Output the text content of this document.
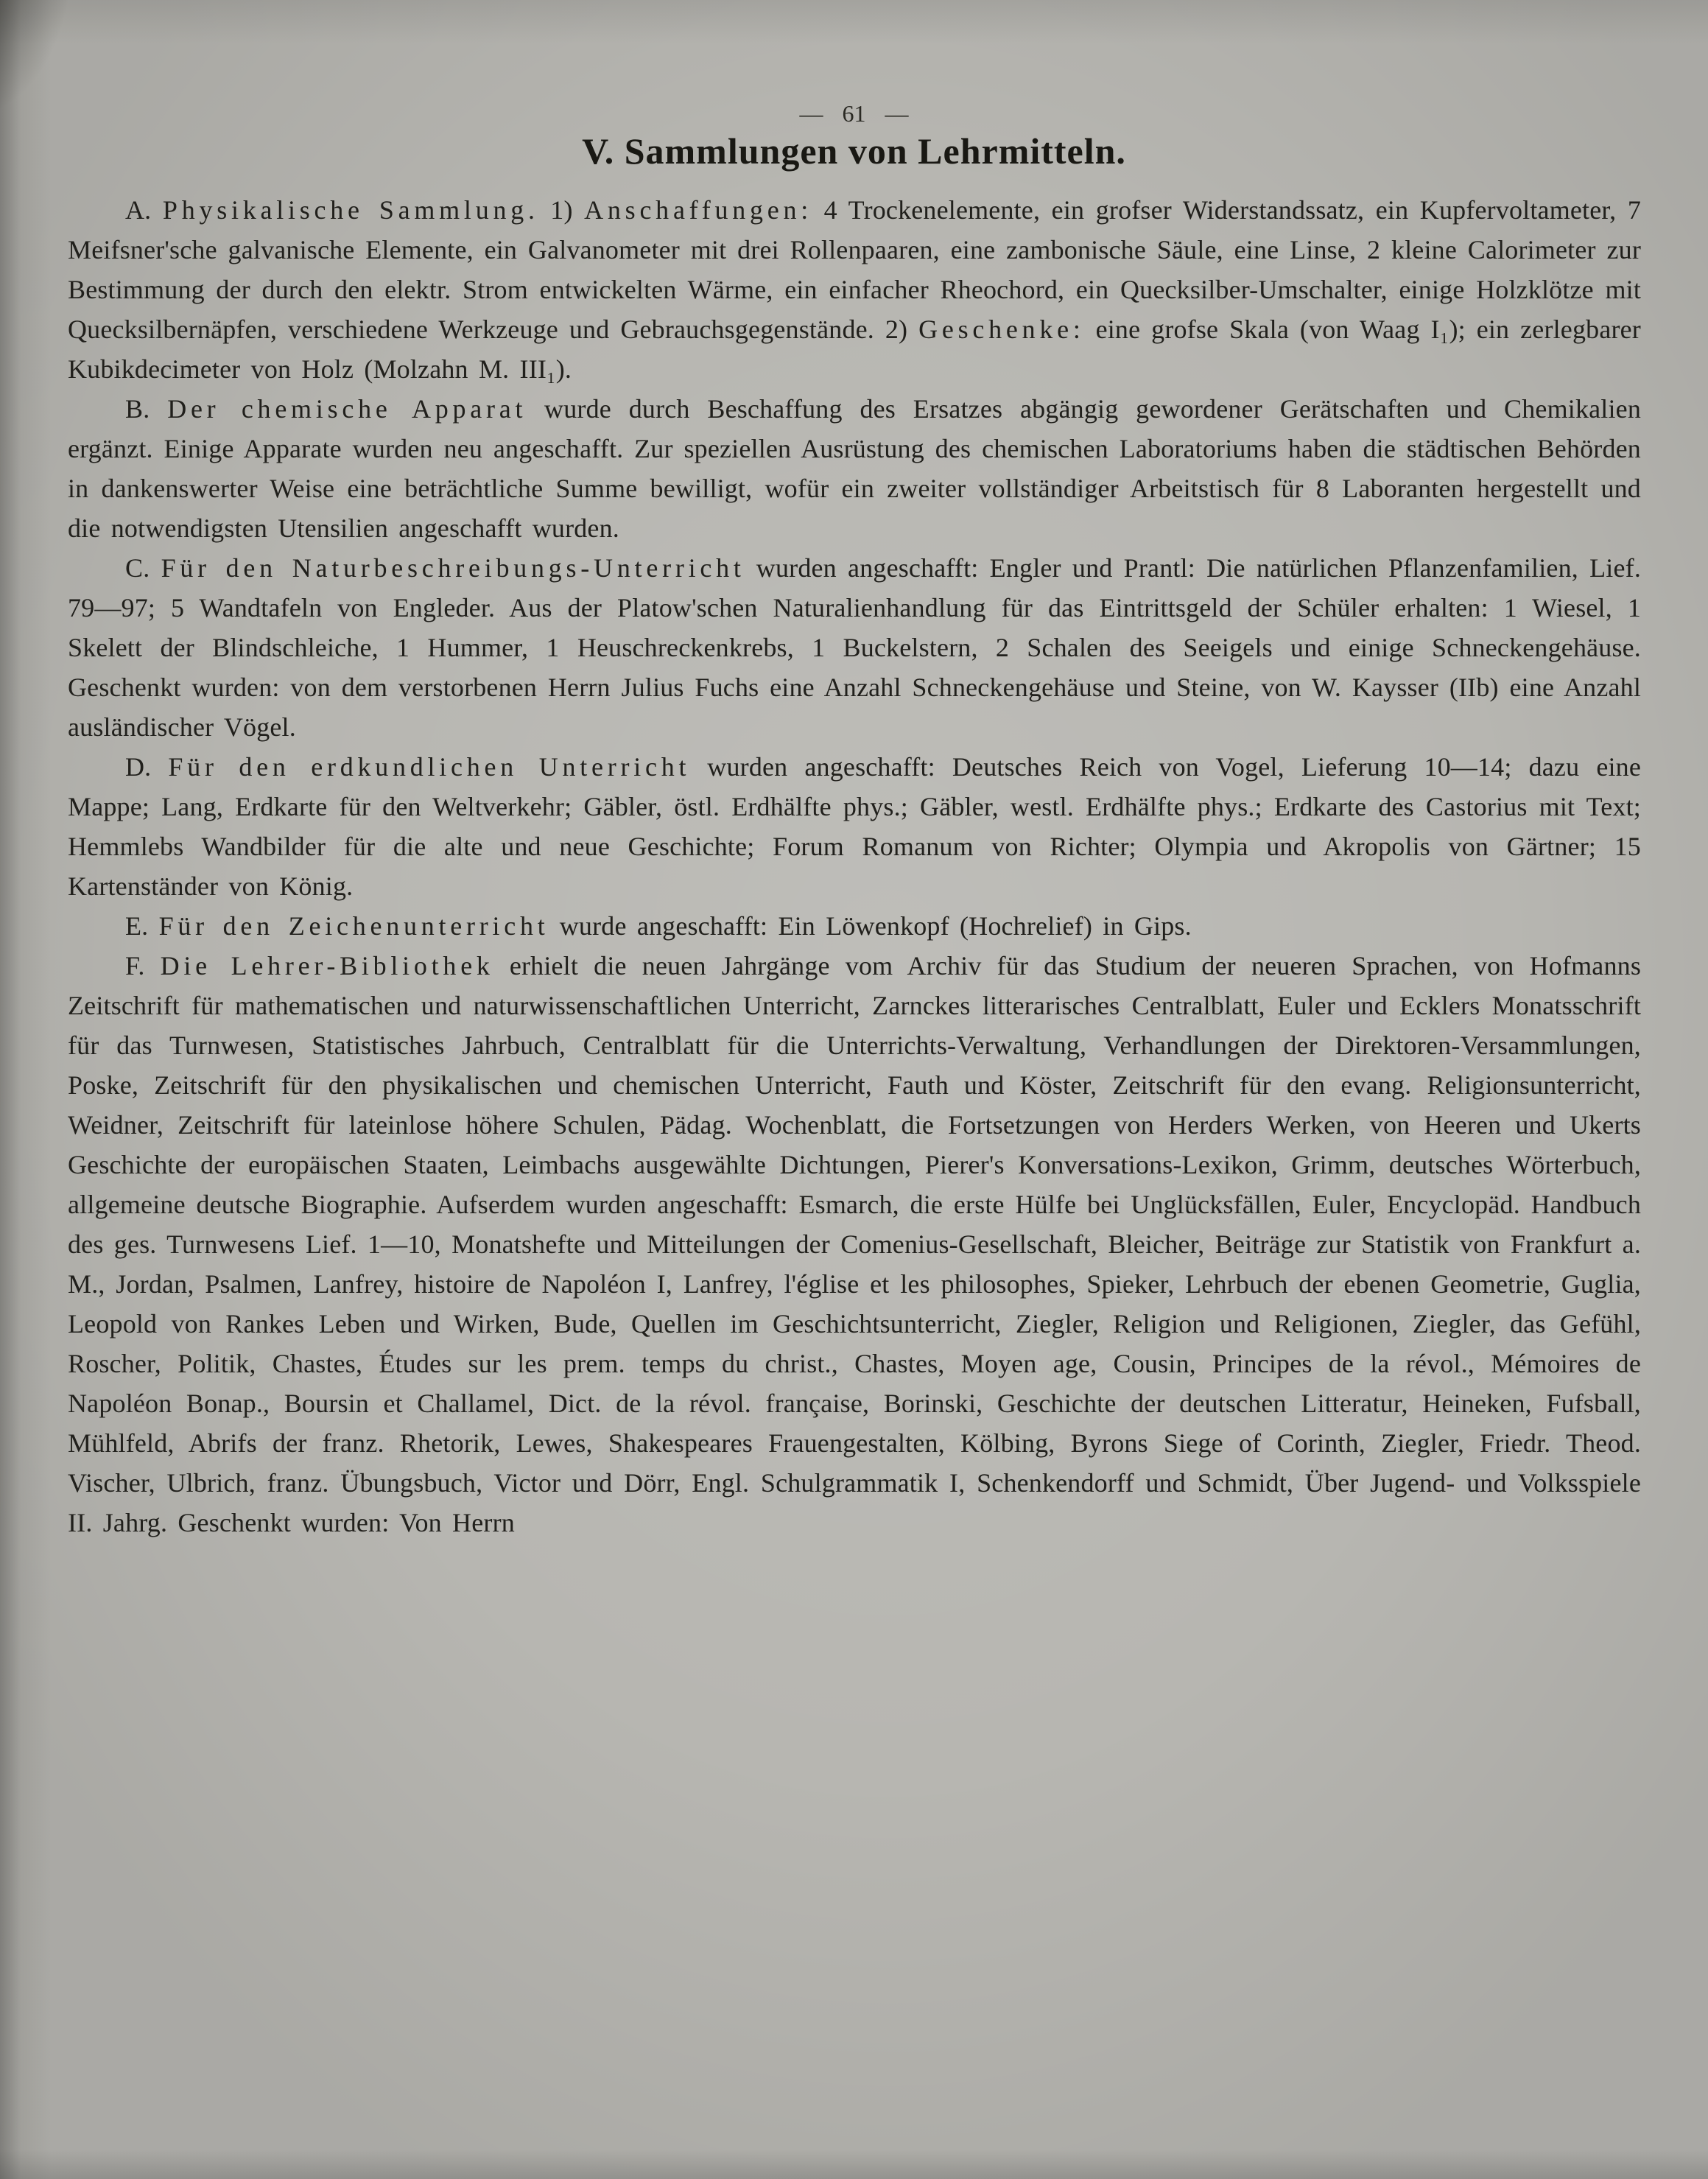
— 61 —
V. Sammlungen von Lehrmitteln.

A. Physikalische Sammlung. 1) Anschaffungen: 4 Trockenelemente, ein grofser Widerstandssatz, ein Kupfervoltameter, 7 Meifsner'sche galvanische Elemente, ein Galvanometer mit drei Rollenpaaren, eine zambonische Säule, eine Linse, 2 kleine Calorimeter zur Bestimmung der durch den elektr. Strom entwickelten Wärme, ein einfacher Rheochord, ein Quecksilber-Umschalter, einige Holzklötze mit Quecksilbernäpfen, verschiedene Werkzeuge und Gebrauchsgegenstände. 2) Geschenke: eine grofse Skala (von Waag I₁); ein zerlegbarer Kubikdecimeter von Holz (Molzahn M. III₁).

B. Der chemische Apparat wurde durch Beschaffung des Ersatzes abgängig gewordener Gerätschaften und Chemikalien ergänzt. Einige Apparate wurden neu angeschafft. Zur speziellen Ausrüstung des chemischen Laboratoriums haben die städtischen Behörden in dankenswerter Weise eine beträchtliche Summe bewilligt, wofür ein zweiter vollständiger Arbeitstisch für 8 Laboranten hergestellt und die notwendigsten Utensilien angeschafft wurden.

C. Für den Naturbeschreibungs-Unterricht wurden angeschafft: Engler und Prantl: Die natürlichen Pflanzenfamilien, Lief. 79—97; 5 Wandtafeln von Engleder. Aus der Platow'schen Naturalienhandlung für das Eintrittsgeld der Schüler erhalten: 1 Wiesel, 1 Skelett der Blindschleiche, 1 Hummer, 1 Heuschreckenkrebs, 1 Buckelstern, 2 Schalen des Seeigels und einige Schneckengehäuse. Geschenkt wurden: von dem verstorbenen Herrn Julius Fuchs eine Anzahl Schneckengehäuse und Steine, von W. Kaysser (IIb) eine Anzahl ausländischer Vögel.

D. Für den erdkundlichen Unterricht wurden angeschafft: Deutsches Reich von Vogel, Lieferung 10—14; dazu eine Mappe; Lang, Erdkarte für den Weltverkehr; Gäbler, östl. Erdhälfte phys.; Gäbler, westl. Erdhälfte phys.; Erdkarte des Castorius mit Text; Hemmlebs Wandbilder für die alte und neue Geschichte; Forum Romanum von Richter; Olympia und Akropolis von Gärtner; 15 Kartenständer von König.

E. Für den Zeichenunterricht wurde angeschafft: Ein Löwenkopf (Hochrelief) in Gips.

F. Die Lehrer-Bibliothek erhielt die neuen Jahrgänge vom Archiv für das Studium der neueren Sprachen, von Hofmanns Zeitschrift für mathematischen und naturwissenschaftlichen Unterricht, Zarnckes litterarisches Centralblatt, Euler und Ecklers Monatsschrift für das Turnwesen, Statistisches Jahrbuch, Centralblatt für die Unterrichts-Verwaltung, Verhandlungen der Direktoren-Versammlungen, Poske, Zeitschrift für den physikalischen und chemischen Unterricht, Fauth und Köster, Zeitschrift für den evang. Religionsunterricht, Weidner, Zeitschrift für lateinlose höhere Schulen, Pädag. Wochenblatt, die Fortsetzungen von Herders Werken, von Heeren und Ukerts Geschichte der europäischen Staaten, Leimbachs ausgewählte Dichtungen, Pierer's Konversations-Lexikon, Grimm, deutsches Wörterbuch, allgemeine deutsche Biographie. Aufserdem wurden angeschafft: Esmarch, die erste Hülfe bei Unglücksfällen, Euler, Encyclopäd. Handbuch des ges. Turnwesens Lief. 1—10, Monatshefte und Mitteilungen der Comenius-Gesellschaft, Bleicher, Beiträge zur Statistik von Frankfurt a. M., Jordan, Psalmen, Lanfrey, histoire de Napoléon I, Lanfrey, l'église et les philosophes, Spieker, Lehrbuch der ebenen Geometrie, Guglia, Leopold von Rankes Leben und Wirken, Bude, Quellen im Geschichtsunterricht, Ziegler, Religion und Religionen, Ziegler, das Gefühl, Roscher, Politik, Chastes, Études sur les prem. temps du christ., Chastes, Moyen age, Cousin, Principes de la révol., Mémoires de Napoléon Bonap., Boursin et Challamel, Dict. de la révol. française, Borinski, Geschichte der deutschen Litteratur, Heineken, Fufsball, Mühlfeld, Abrifs der franz. Rhetorik, Lewes, Shakespeares Frauengestalten, Kölbing, Byrons Siege of Corinth, Ziegler, Friedr. Theod. Vischer, Ulbrich, franz. Übungsbuch, Victor und Dörr, Engl. Schulgrammatik I, Schenkendorff und Schmidt, Über Jugend- und Volksspiele II. Jahrg. Geschenkt wurden: Von Herrn
